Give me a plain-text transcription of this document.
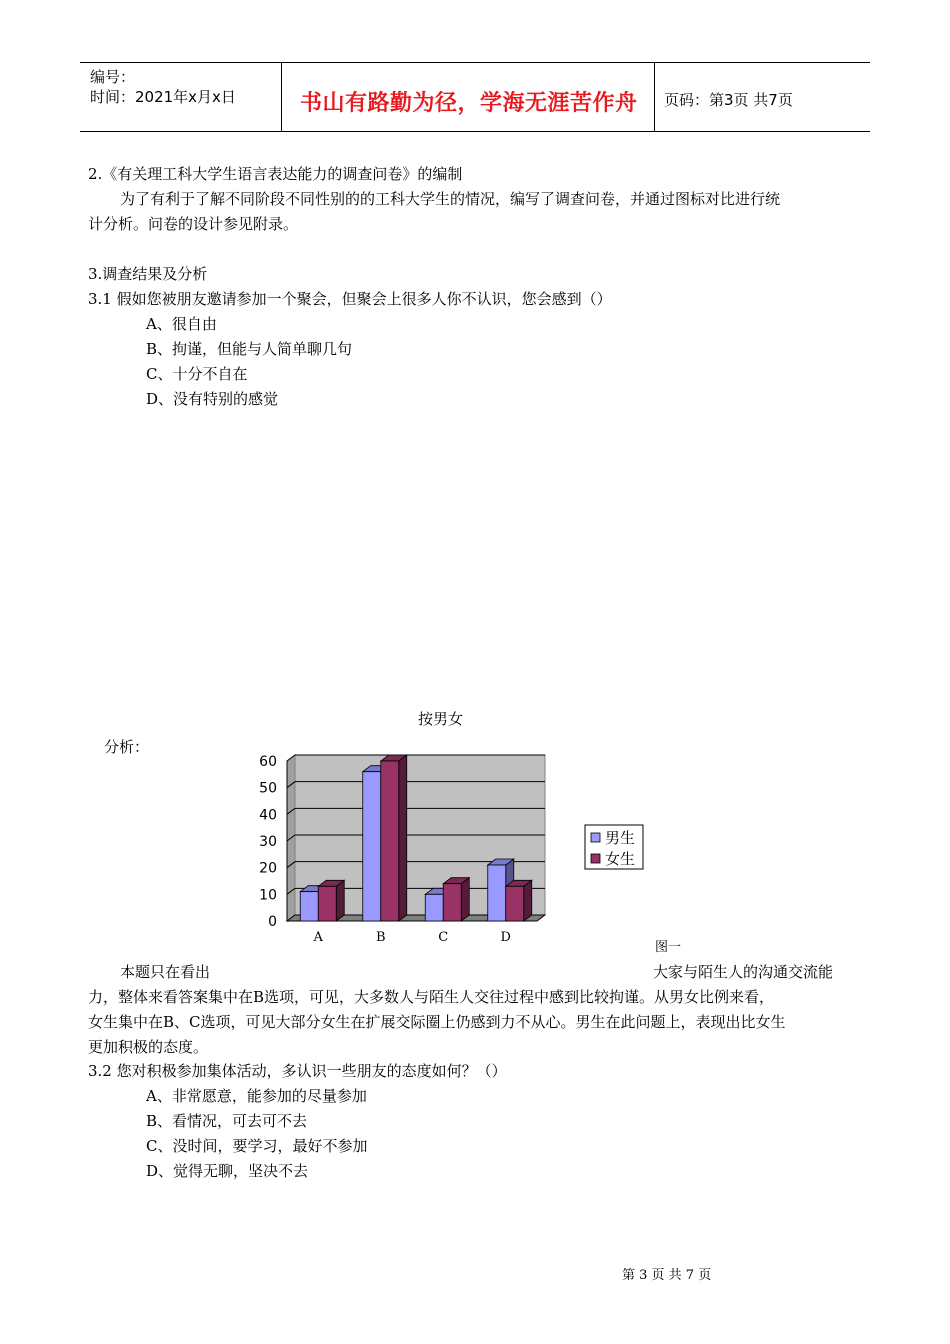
编号：
时间：2021年x月x日	书山有路勤为径，学海无涯苦作舟 页码：第3页 共7页
2.《有关理工科大学生语言表达能力的调查问卷》的编制
为了有利于了解不同阶段不同性别的的工科大学生的情况，编写了调查问卷，并通过图标对比进行统
计分析。问卷的设计参见附录。
3.调查结果及分析
3.1 假如您被朋友邀请参加一个聚会，但聚会上很多人你不认识，您会感到（）
A、很自由
B、拘谨，但能与人简单聊几句
C、十分不自在
D、没有特别的感觉
分析：
按男女
0
10
20
30
40
50
60
A	B	C	D
男生
女生
图一
本题只在看出	大家与陌生人的沟通交流能
力，整体来看答案集中在B选项，可见，大多数人与陌生人交往过程中感到比较拘谨。从男女比例来看，
女生集中在B、C选项，可见大部分女生在扩展交际圈上仍感到力不从心。男生在此问题上，表现出比女生
更加积极的态度。
3.2 您对积极参加集体活动，多认识一些朋友的态度如何？（）
A、非常愿意，能参加的尽量参加
B、看情况，可去可不去
C、没时间，要学习，最好不参加
D、觉得无聊，坚决不去
第 3 页 共 7 页
